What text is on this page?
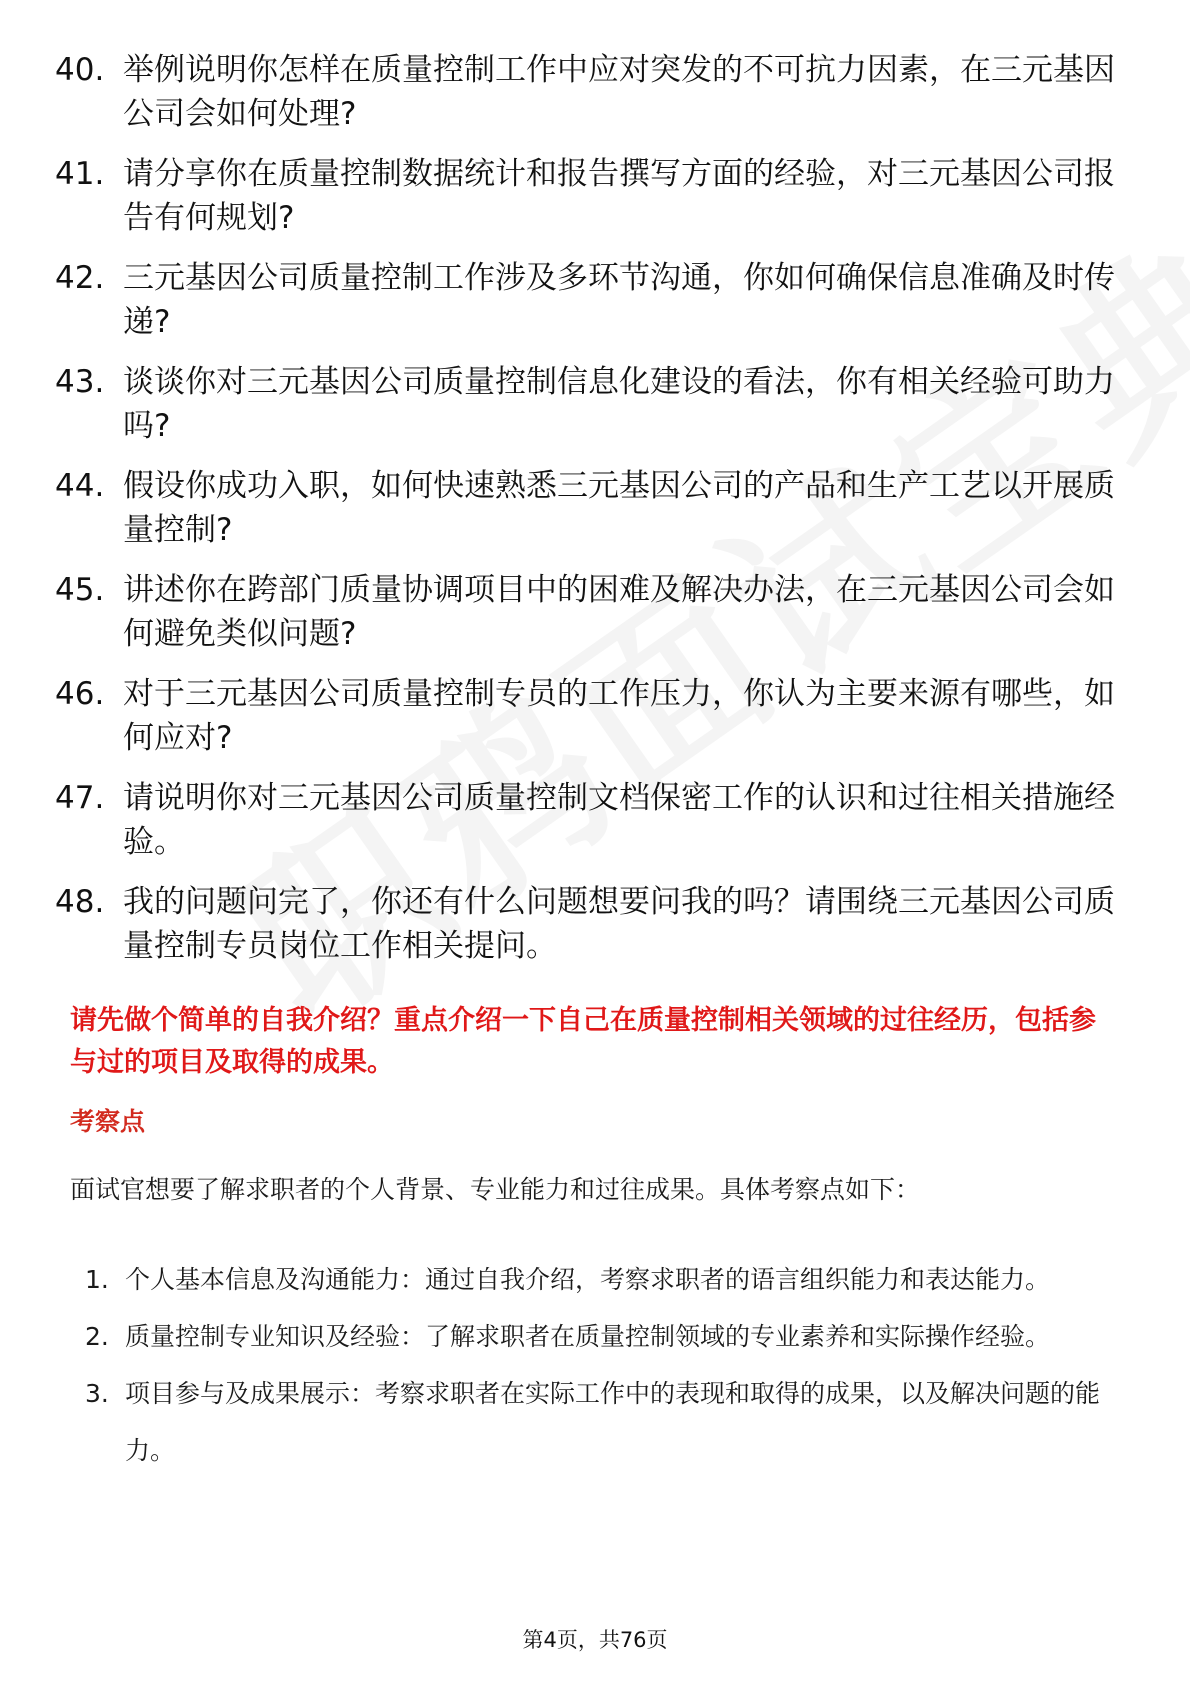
40. 举例说明你怎样在质量控制工作中应对突发的不可抗力因素，在三元基因公司会如何处理?
41. 请分享你在质量控制数据统计和报告撰写方面的经验，对三元基因公司报告有何规划?
42. 三元基因公司质量控制工作涉及多环节沟通，你如何确保信息准确及时传递?
43. 谈谈你对三元基因公司质量控制信息化建设的看法，你有相关经验可助力吗?
44. 假设你成功入职，如何快速熟悉三元基因公司的产品和生产工艺以开展质量控制?
45. 讲述你在跨部门质量协调项目中的困难及解决办法，在三元基因公司会如何避免类似问题?
46. 对于三元基因公司质量控制专员的工作压力，你认为主要来源有哪些，如何应对?
47. 请说明你对三元基因公司质量控制文档保密工作的认识和过往相关措施经验。
48. 我的问题问完了，你还有什么问题想要问我的吗？请围绕三元基因公司质量控制专员岗位工作相关提问。
请先做个简单的自我介绍？重点介绍一下自己在质量控制相关领域的过往经历，包括参与过的项目及取得的成果。
考察点
面试官想要了解求职者的个人背景、专业能力和过往成果。具体考察点如下：
1. 个人基本信息及沟通能力：通过自我介绍，考察求职者的语言组织能力和表达能力。
2. 质量控制专业知识及经验：了解求职者在质量控制领域的专业素养和实际操作经验。
3. 项目参与及成果展示：考察求职者在实际工作中的表现和取得的成果，以及解决问题的能力。
第4页，共76页
